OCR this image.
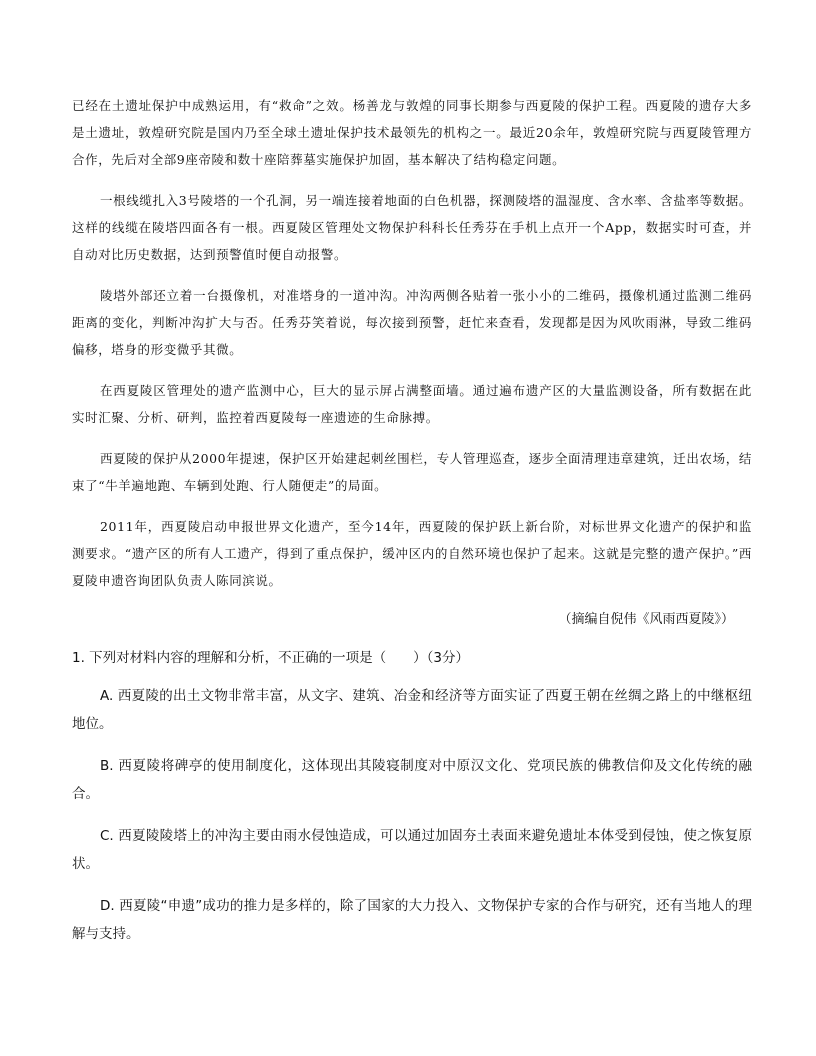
已经在土遗址保护中成熟运用，有“救命”之效。杨善龙与敦煌的同事长期参与西夏陵的保护工程。西夏陵的遗存大多是土遗址，敦煌研究院是国内乃至全球土遗址保护技术最领先的机构之一。最近20余年，敦煌研究院与西夏陵管理方合作，先后对全部9座帝陵和数十座陪葬墓实施保护加固，基本解决了结构稳定问题。

一根线缆扎入3号陵塔的一个孔洞，另一端连接着地面的白色机器，探测陵塔的温湿度、含水率、含盐率等数据。这样的线缆在陵塔四面各有一根。西夏陵区管理处文物保护科科长任秀芬在手机上点开一个App，数据实时可查，并自动对比历史数据，达到预警值时便自动报警。

陵塔外部还立着一台摄像机，对准塔身的一道冲沟。冲沟两侧各贴着一张小小的二维码，摄像机通过监测二维码距离的变化，判断冲沟扩大与否。任秀芬笑着说，每次接到预警，赶忙来查看，发现都是因为风吹雨淋，导致二维码偏移，塔身的形变微乎其微。

在西夏陵区管理处的遗产监测中心，巨大的显示屏占满整面墙。通过遍布遗产区的大量监测设备，所有数据在此实时汇聚、分析、研判，监控着西夏陵每一座遗迹的生命脉搏。

西夏陵的保护从2000年提速，保护区开始建起刺丝围栏，专人管理巡查，逐步全面清理违章建筑，迁出农场，结束了“牛羊遍地跑、车辆到处跑、行人随便走”的局面。

2011年，西夏陵启动申报世界文化遗产，至今14年，西夏陵的保护跃上新台阶，对标世界文化遗产的保护和监测要求。“遗产区的所有人工遗产，得到了重点保护，缓冲区内的自然环境也保护了起来。这就是完整的遗产保护。”西夏陵申遗咨询团队负责人陈同滨说。

（摘编自倪伟《风雨西夏陵》）
1. 下列对材料内容的理解和分析，不正确的一项是（　　）（3分）

A. 西夏陵的出土文物非常丰富，从文字、建筑、冶金和经济等方面实证了西夏王朝在丝绸之路上的中继枢纽地位。

B. 西夏陵将碑亭的使用制度化，这体现出其陵寝制度对中原汉文化、党项民族的佛教信仰及文化传统的融合。

C. 西夏陵陵塔上的冲沟主要由雨水侵蚀造成，可以通过加固夯土表面来避免遗址本体受到侵蚀，使之恢复原状。

D. 西夏陵“申遗”成功的推力是多样的，除了国家的大力投入、文物保护专家的合作与研究，还有当地人的理解与支持。
